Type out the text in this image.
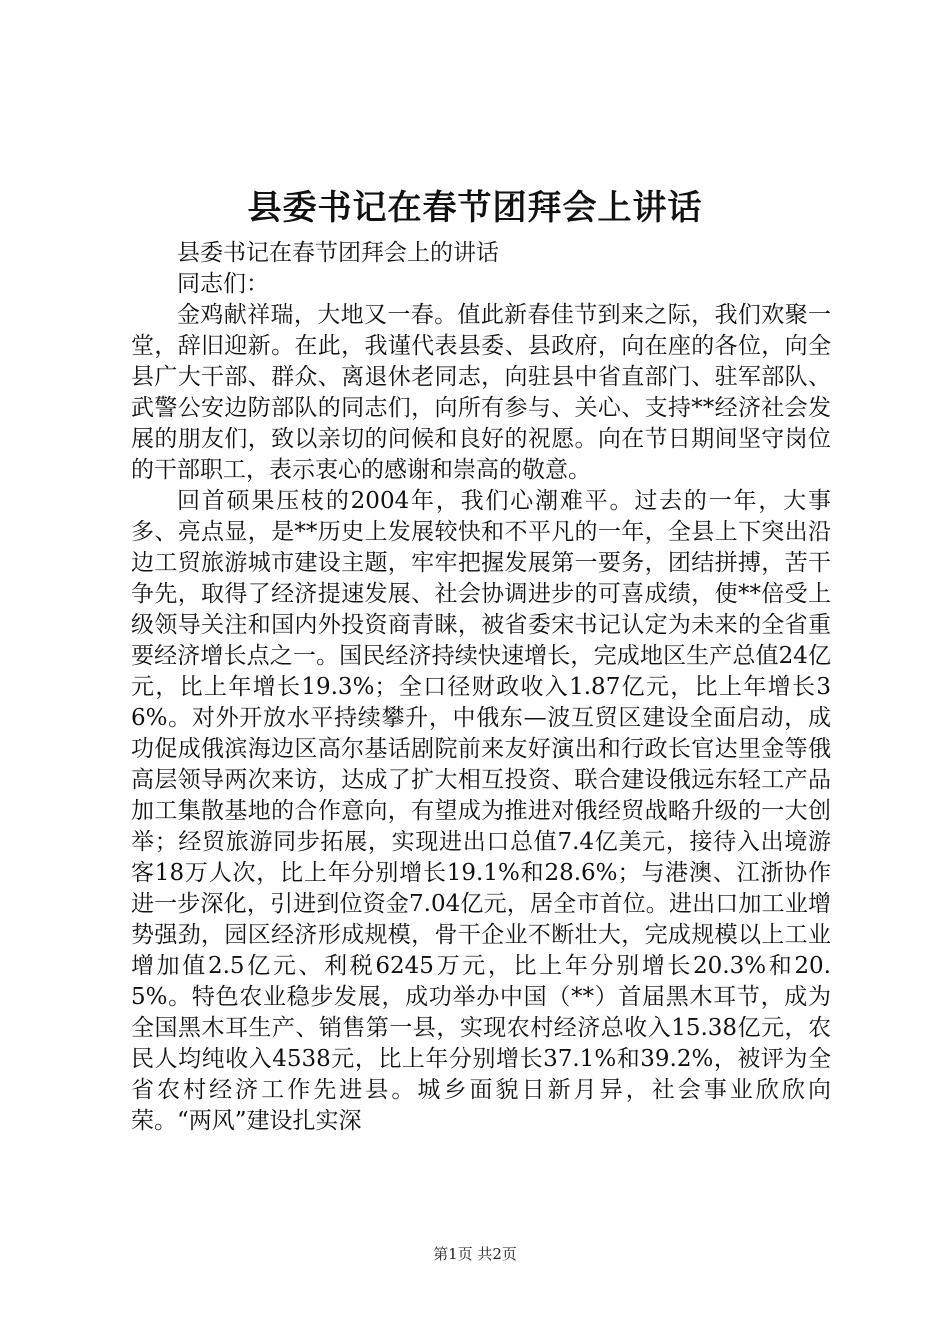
县委书记在春节团拜会上讲话

县委书记在春节团拜会上的讲话

同志们：

金鸡献祥瑞，大地又一春。值此新春佳节到来之际，我们欢聚一堂，辞旧迎新。在此，我谨代表县委、县政府，向在座的各位，向全县广大干部、群众、离退休老同志，向驻县中省直部门、驻军部队、武警公安边防部队的同志们，向所有参与、关心、支持**经济社会发展的朋友们，致以亲切的问候和良好的祝愿。向在节日期间坚守岗位的干部职工，表示衷心的感谢和崇高的敬意。

回首硕果压枝的2004年，我们心潮难平。过去的一年，大事多、亮点显，是**历史上发展较快和不平凡的一年，全县上下突出沿边工贸旅游城市建设主题，牢牢把握发展第一要务，团结拼搏，苦干争先，取得了经济提速发展、社会协调进步的可喜成绩，使**倍受上级领导关注和国内外投资商青睐，被省委宋书记认定为未来的全省重要经济增长点之一。国民经济持续快速增长，完成地区生产总值24亿元，比上年增长19.3%；全口径财政收入1.87亿元，比上年增长36%。对外开放水平持续攀升，中俄东—波互贸区建设全面启动，成功促成俄滨海边区高尔基话剧院前来友好演出和行政长官达里金等俄高层领导两次来访，达成了扩大相互投资、联合建设俄远东轻工产品加工集散基地的合作意向，有望成为推进对俄经贸战略升级的一大创举；经贸旅游同步拓展，实现进出口总值7.4亿美元，接待入出境游客18万人次，比上年分别增长19.1%和28.6%；与港澳、江浙协作进一步深化，引进到位资金7.04亿元，居全市首位。进出口加工业增势强劲，园区经济形成规模，骨干企业不断壮大，完成规模以上工业增加值2.5亿元、利税6245万元，比上年分别增长20.3%和20.5%。特色农业稳步发展，成功举办中国（**）首届黑木耳节，成为全国黑木耳生产、销售第一县，实现农村经济总收入15.38亿元，农民人均纯收入4538元，比上年分别增长37.1%和39.2%，被评为全省农村经济工作先进县。城乡面貌日新月异，社会事业欣欣向荣。“两风”建设扎实深

第1页 共2页
